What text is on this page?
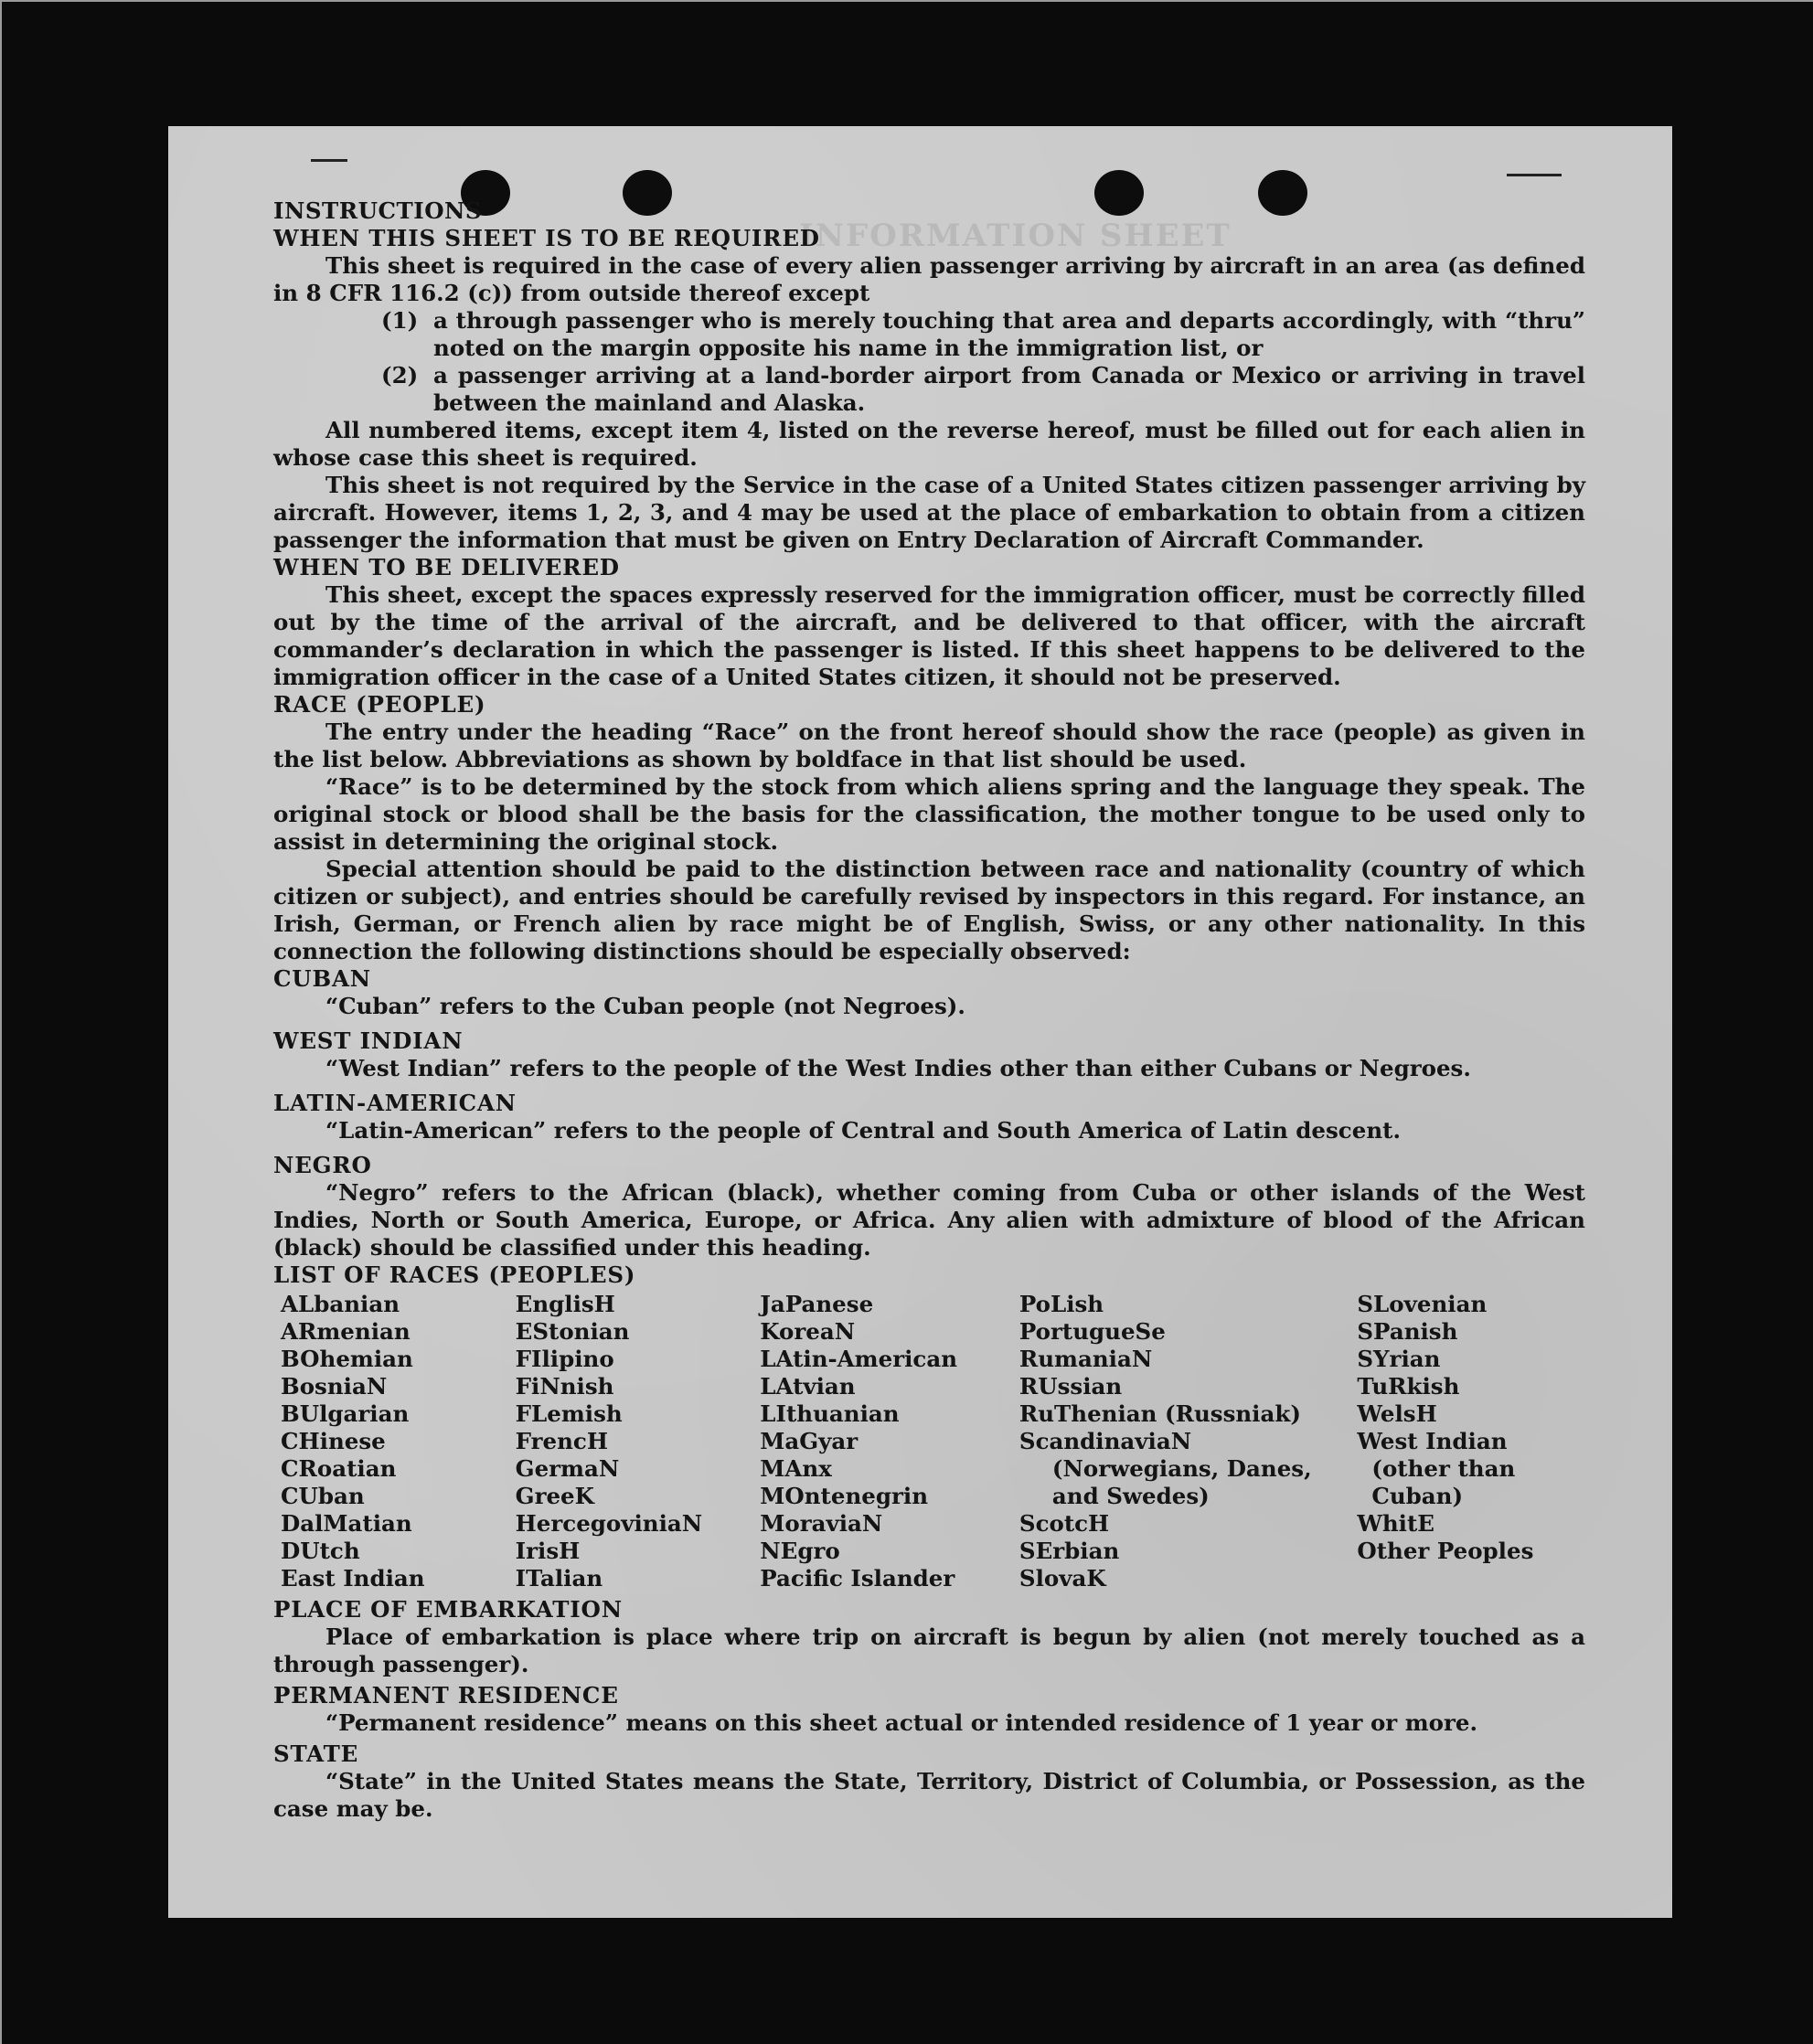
INFORMATION SHEET

INSTRUCTIONS

WHEN THIS SHEET IS TO BE REQUIRED

This sheet is required in the case of every alien passenger arriving by aircraft in an area (as defined in 8 CFR 116.2 (c)) from outside thereof except

(1) a through passenger who is merely touching that area and departs accordingly, with “thru” noted on the margin opposite his name in the immigration list, or

(2) a passenger arriving at a land-border airport from Canada or Mexico or arriving in travel between the mainland and Alaska.

All numbered items, except item 4, listed on the reverse hereof, must be filled out for each alien in whose case this sheet is required.

This sheet is not required by the Service in the case of a United States citizen passenger arriving by aircraft. However, items 1, 2, 3, and 4 may be used at the place of embarkation to obtain from a citizen passenger the information that must be given on Entry Declaration of Aircraft Commander.

WHEN TO BE DELIVERED

This sheet, except the spaces expressly reserved for the immigration officer, must be correctly filled out by the time of the arrival of the aircraft, and be delivered to that officer, with the aircraft commander’s declaration in which the passenger is listed. If this sheet happens to be delivered to the immigration officer in the case of a United States citizen, it should not be preserved.

RACE (PEOPLE)

The entry under the heading “Race” on the front hereof should show the race (people) as given in the list below. Abbreviations as shown by boldface in that list should be used.

“Race” is to be determined by the stock from which aliens spring and the language they speak. The original stock or blood shall be the basis for the classification, the mother tongue to be used only to assist in determining the original stock.

Special attention should be paid to the distinction between race and nationality (country of which citizen or subject), and entries should be carefully revised by inspectors in this regard. For instance, an Irish, German, or French alien by race might be of English, Swiss, or any other nationality. In this connection the following distinctions should be especially observed:

CUBAN

“Cuban” refers to the Cuban people (not Negroes).

WEST INDIAN

“West Indian” refers to the people of the West Indies other than either Cubans or Negroes.

LATIN-AMERICAN

“Latin-American” refers to the people of Central and South America of Latin descent.

NEGRO

“Negro” refers to the African (black), whether coming from Cuba or other islands of the West Indies, North or South America, Europe, or Africa. Any alien with admixture of blood of the African (black) should be classified under this heading.

LIST OF RACES (PEOPLES)

ALbanian
ARmenian
BOhemian
BosniaN
BUlgarian
CHinese
CRoatian
CUban
DalMatian
DUtch
East Indian
EnglisH
EStonian
FIlipino
FiNnish
FLemish
FrencH
GermaN
GreeK
HercegoviniaN
IrisH
ITalian
JaPanese
KoreaN
LAtin-American
LAtvian
LIthuanian
MaGyar
MAnx
MOntenegrin
MoraviaN
NEgro
Pacific Islander
PoLish
PortugueSe
RumaniaN
RUssian
RuThenian (Russniak)
ScandinaviaN (Norwegians, Danes, and Swedes)
ScotcH
SErbian
SlovaK
SLovenian
SPanish
SYrian
TuRkish
WelsH
West Indian (other than Cuban)
WhitE
Other Peoples

PLACE OF EMBARKATION

Place of embarkation is place where trip on aircraft is begun by alien (not merely touched as a through passenger).

PERMANENT RESIDENCE

“Permanent residence” means on this sheet actual or intended residence of 1 year or more.

STATE

“State” in the United States means the State, Territory, District of Columbia, or Possession, as the case may be.
